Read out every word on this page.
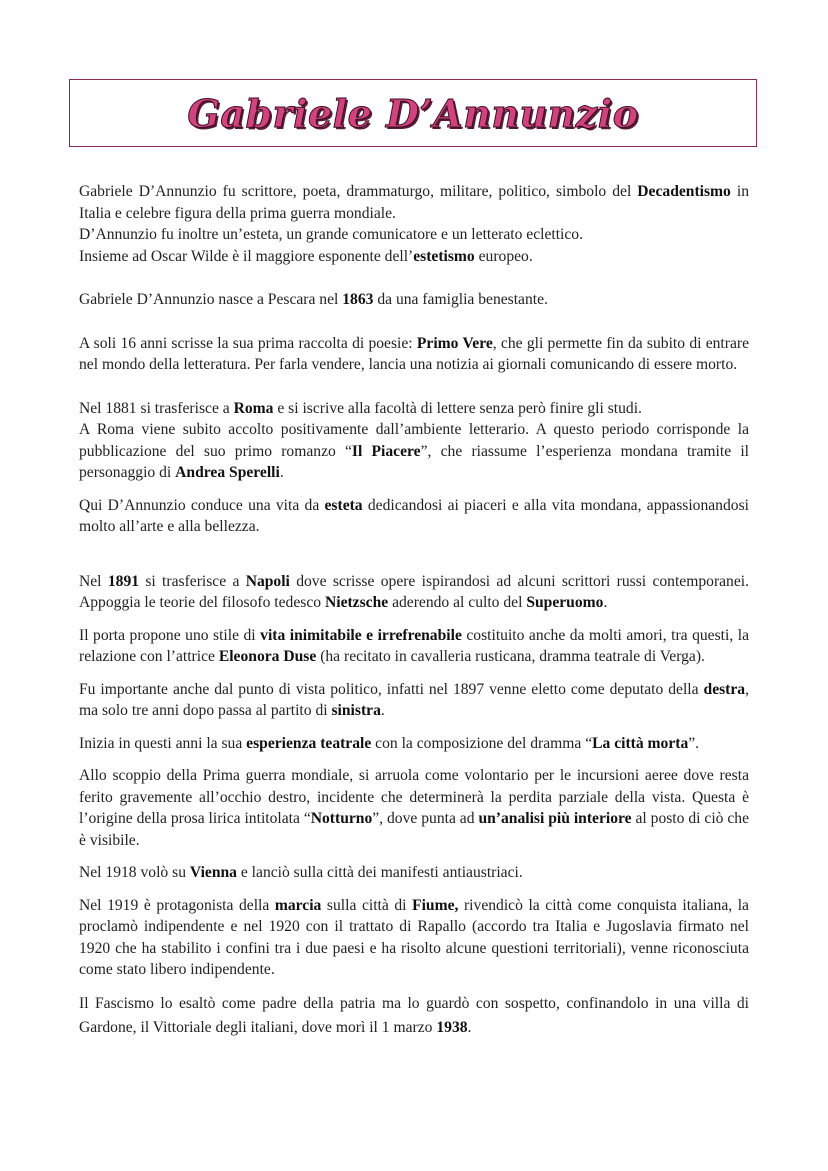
Gabriele D’Annunzio

Gabriele D’Annunzio fu scrittore, poeta, drammaturgo, militare, politico, simbolo del Decadentismo in Italia e celebre figura della prima guerra mondiale.

D’Annunzio fu inoltre un’esteta, un grande comunicatore e un letterato eclettico.

Insieme ad Oscar Wilde è il maggiore esponente dell’estetismo europeo.

Gabriele D’Annunzio nasce a Pescara nel 1863 da una famiglia benestante.

A soli 16 anni scrisse la sua prima raccolta di poesie: Primo Vere, che gli permette fin da subito di entrare nel mondo della letteratura. Per farla vendere, lancia una notizia ai giornali comunicando di essere morto.

Nel 1881 si trasferisce a Roma e si iscrive alla facoltà di lettere senza però finire gli studi.

A Roma viene subito accolto positivamente dall’ambiente letterario. A questo periodo corrisponde la pubblicazione del suo primo romanzo “Il Piacere”, che riassume l’esperienza mondana tramite il personaggio di Andrea Sperelli.

Qui D’Annunzio conduce una vita da esteta dedicandosi ai piaceri e alla vita mondana, appassionandosi molto all’arte e alla bellezza.

Nel 1891 si trasferisce a Napoli dove scrisse opere ispirandosi ad alcuni scrittori russi contemporanei. Appoggia le teorie del filosofo tedesco Nietzsche aderendo al culto del Superuomo.

Il porta propone uno stile di vita inimitabile e irrefrenabile costituito anche da molti amori, tra questi, la relazione con l’attrice Eleonora Duse (ha recitato in cavalleria rusticana, dramma teatrale di Verga).

Fu importante anche dal punto di vista politico, infatti nel 1897 venne eletto come deputato della destra, ma solo tre anni dopo passa al partito di sinistra.

Inizia in questi anni la sua esperienza teatrale con la composizione del dramma “La città morta”.

Allo scoppio della Prima guerra mondiale, si arruola come volontario per le incursioni aeree dove resta ferito gravemente all’occhio destro, incidente che determinerà la perdita parziale della vista. Questa è l’origine della prosa lirica intitolata “Notturno”, dove punta ad un’analisi più interiore al posto di ciò che è visibile.

Nel 1918 volò su Vienna e lanciò sulla città dei manifesti antiaustriaci.

Nel 1919 è protagonista della marcia sulla città di Fiume, rivendicò la città come conquista italiana, la proclamò indipendente e nel 1920 con il trattato di Rapallo (accordo tra Italia e Jugoslavia firmato nel 1920 che ha stabilito i confini tra i due paesi e ha risolto alcune questioni territoriali), venne riconosciuta come stato libero indipendente.

Il Fascismo lo esaltò come padre della patria ma lo guardò con sospetto, confinandolo in una villa di Gardone, il Vittoriale degli italiani, dove morì il 1 marzo 1938.
